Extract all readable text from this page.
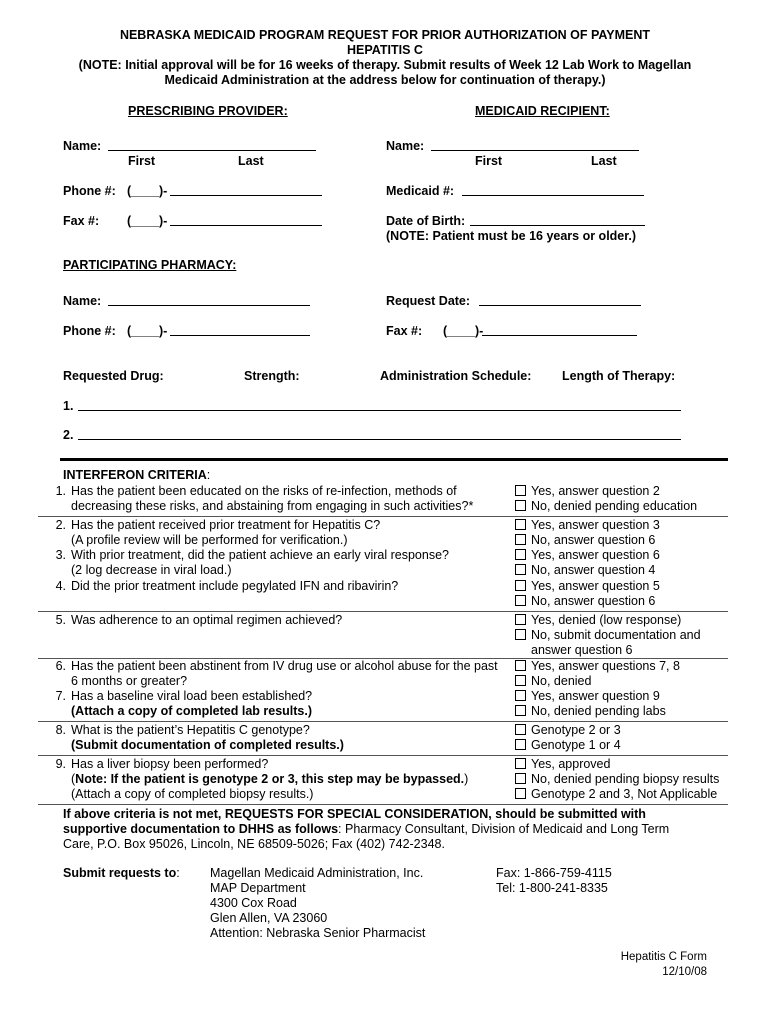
NEBRASKA MEDICAID PROGRAM REQUEST FOR PRIOR AUTHORIZATION OF PAYMENT
HEPATITIS C
(NOTE: Initial approval will be for 16 weeks of therapy. Submit results of Week 12 Lab Work to Magellan
Medicaid Administration at the address below for continuation of therapy.)
PRESCRIBING PROVIDER:	MEDICAID RECIPIENT:
Name:
First	Last
Phone #: (____)-
Fax #: (____)-
Name:
First	Last
Medicaid #:
Date of Birth:
(NOTE: Patient must be 16 years or older.)
PARTICIPATING PHARMACY:
Name:	Request Date:
Phone #: (____)-	Fax #: (____)-
Requested Drug:	Strength:	Administration Schedule: Length of Therapy:
1.
2.
INTERFERON CRITERIA:
1. Has the patient been educated on the risks of re-infection, methods of
decreasing these risks, and abstaining from engaging in such activities?*
Yes, answer question 2
No, denied pending education
2. Has the patient received prior treatment for Hepatitis C?
(A profile review will be performed for verification.)
Yes, answer question 3
No, answer question 6
3. With prior treatment, did the patient achieve an early viral response?
(2 log decrease in viral load.)
Yes, answer question 6
No, answer question 4
4. Did the prior treatment include pegylated IFN and ribavirin?	Yes, answer question 5
No, answer question 6
5. Was adherence to an optimal regimen achieved?	Yes, denied (low response)
No, submit documentation and
answer question 6
6. Has the patient been abstinent from IV drug use or alcohol abuse for the past
6 months or greater?
Yes, answer questions 7, 8
No, denied
7. Has a baseline viral load been established?
(Attach a copy of completed lab results.)
Yes, answer question 9
No, denied pending labs
8. What is the patient’s Hepatitis C genotype?
(Submit documentation of completed results.)
Genotype 2 or 3
Genotype 1 or 4
9. Has a liver biopsy been performed?
(Note: If the patient is genotype 2 or 3, this step may be bypassed.)
(Attach a copy of completed biopsy results.)
Yes, approved
No, denied pending biopsy results
Genotype 2 and 3, Not Applicable
If above criteria is not met, REQUESTS FOR SPECIAL CONSIDERATION, should be submitted with
supportive documentation to DHHS as follows: Pharmacy Consultant, Division of Medicaid and Long Term
Care, P.O. Box 95026, Lincoln, NE 68509-5026; Fax (402) 742-2348.
Submit requests to: Magellan Medicaid Administration, Inc.
MAP Department
4300 Cox Road
Glen Allen, VA 23060
Attention: Nebraska Senior Pharmacist
Fax: 1-866-759-4115
Tel: 1-800-241-8335
Hepatitis C Form
12/10/08
